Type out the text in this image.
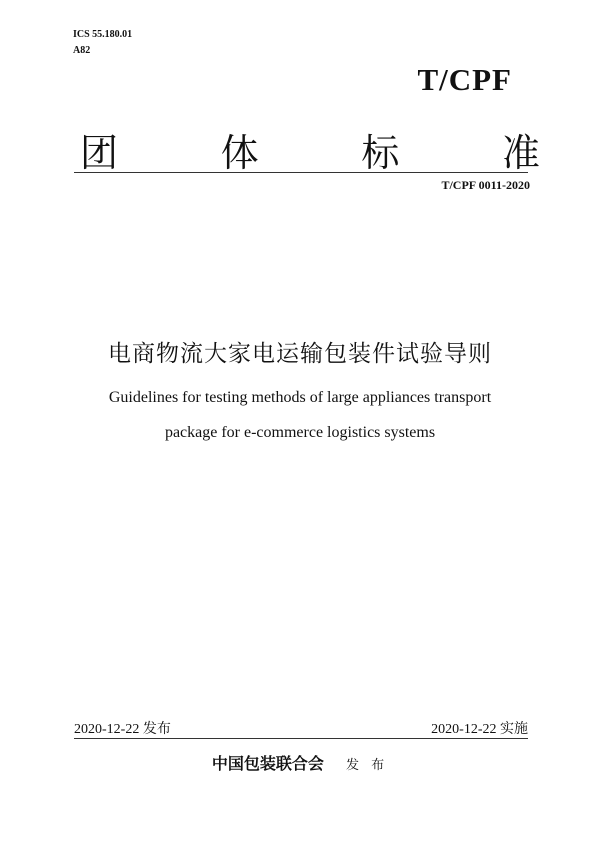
ICS 55.180.01
A82
T/CPF
团	体	标	准
T/CPF 0011-2020
电商物流大家电运输包装件试验导则
Guidelines for testing methods of large appliances transport
package for e-commerce logistics systems
2020-12-22 发布	2020-12-22 实施
中国包装联合会 发 布
